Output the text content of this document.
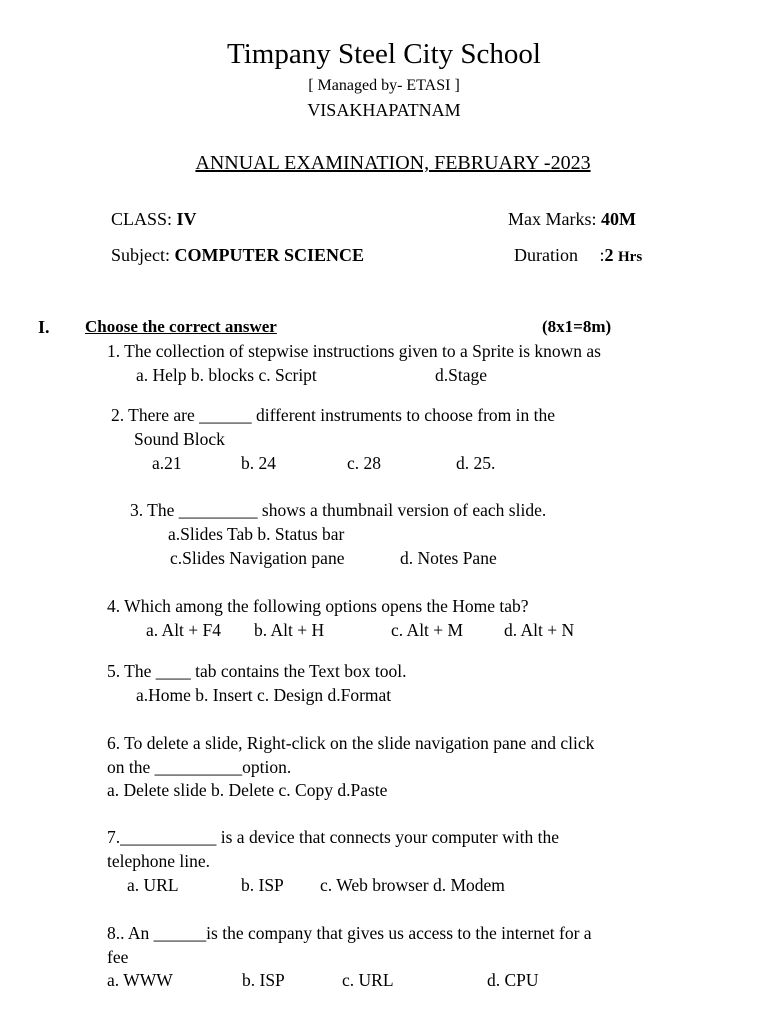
Timpany Steel City School
[ Managed by- ETASI ]
VISAKHAPATNAM
ANNUAL EXAMINATION, FEBRUARY -2023
CLASS: IV	Max Marks: 40M
Subject: COMPUTER SCIENCE	Duration :2 Hrs
I. Choose the correct answer	(8x1=8m)
1. The collection of stepwise instructions given to a Sprite is known as
a. Help b. blocks c. Script	d.Stage
2. There are ______ different instruments to choose from in the
Sound Block
a.21	b. 24	c. 28	d. 25.
3. The _________ shows a thumbnail version of each slide.
a.Slides Tab b. Status bar
c.Slides Navigation pane	d. Notes Pane
4. Which among the following options opens the Home tab?
a. Alt + F4 b. Alt + H	c. Alt + M d. Alt + N
5. The ____ tab contains the Text box tool.
a.Home b. Insert c. Design d.Format
6. To delete a slide, Right-click on the slide navigation pane and click
on the __________option.
a. Delete slide b. Delete c. Copy d.Paste
7.___________ is a device that connects your computer with the
telephone line.
a. URL	b. ISP c. Web browser d. Modem
8.. An ______is the company that gives us access to the internet for a
fee
a. WWW	b. ISP	c. URL	d. CPU
